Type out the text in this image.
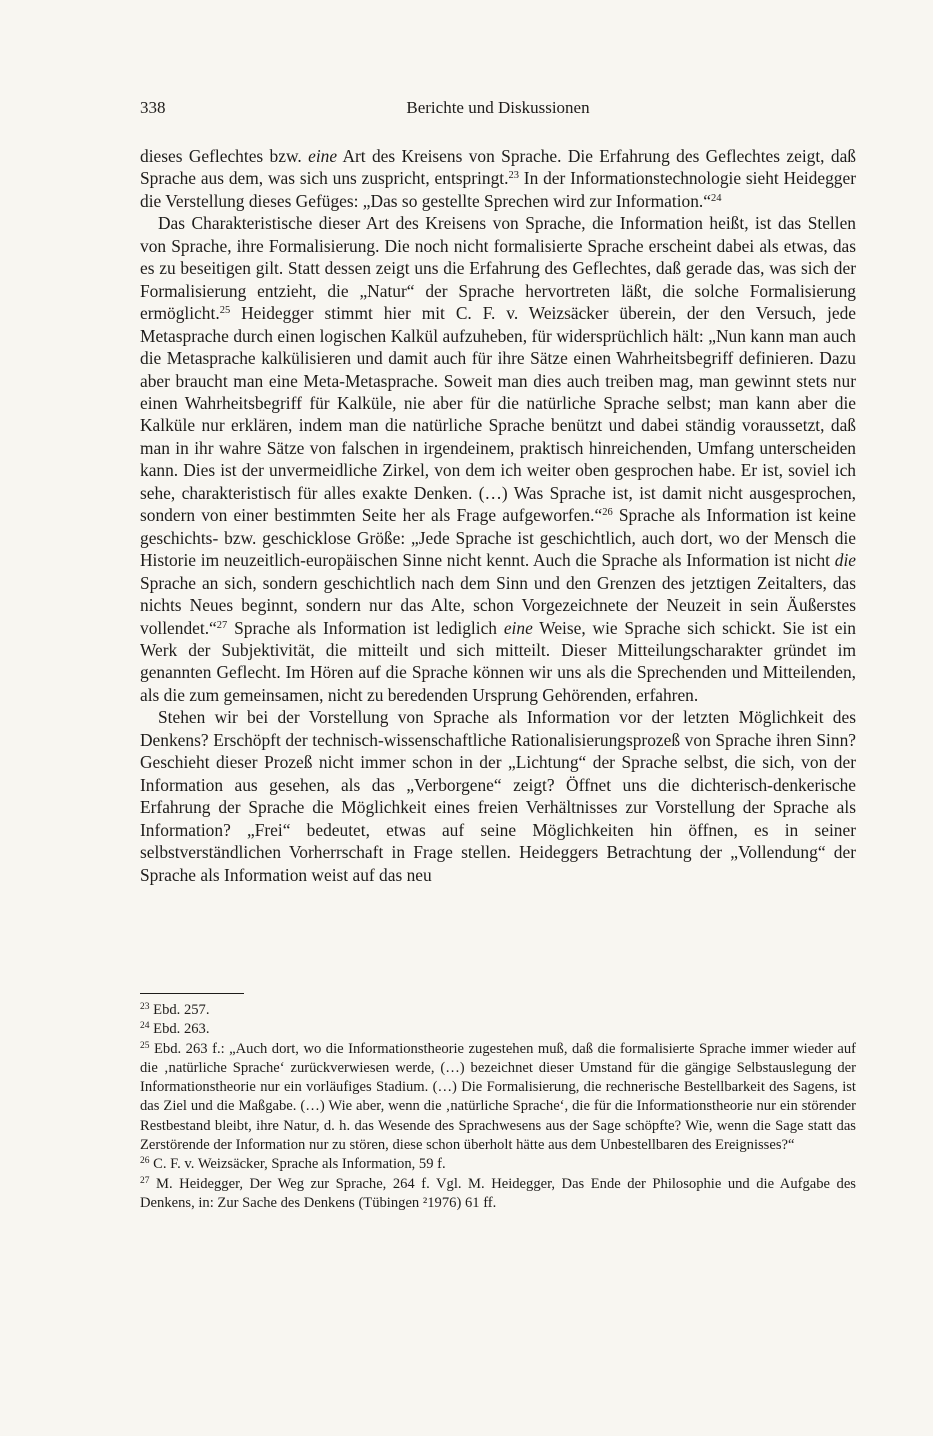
338	Berichte und Diskussionen

dieses Geflechtes bzw. eine Art des Kreisens von Sprache. Die Erfahrung des Geflechtes zeigt, daß Sprache aus dem, was sich uns zuspricht, entspringt.$^{23}$ In der Informationstechnologie sieht Heidegger die Verstellung dieses Gefüges: „Das so gestellte Sprechen wird zur Information.“$^{24}$

Das Charakteristische dieser Art des Kreisens von Sprache, die Information heißt, ist das Stellen von Sprache, ihre Formalisierung. Die noch nicht formalisierte Sprache erscheint dabei als etwas, das es zu beseitigen gilt. Statt dessen zeigt uns die Erfahrung des Geflechtes, daß gerade das, was sich der Formalisierung entzieht, die „Natur“ der Sprache hervortreten läßt, die solche Formalisierung ermöglicht.$^{25}$ Heidegger stimmt hier mit C. F. v. Weizsäcker überein, der den Versuch, jede Metasprache durch einen logischen Kalkül aufzuheben, für widersprüchlich hält: „Nun kann man auch die Metasprache kalkülisieren und damit auch für ihre Sätze einen Wahrheitsbegriff definieren. Dazu aber braucht man eine Meta-Metasprache. Soweit man dies auch treiben mag, man gewinnt stets nur einen Wahrheitsbegriff für Kalküle, nie aber für die natürliche Sprache selbst; man kann aber die Kalküle nur erklären, indem man die natürliche Sprache benützt und dabei ständig voraussetzt, daß man in ihr wahre Sätze von falschen in irgendeinem, praktisch hinreichenden, Umfang unterscheiden kann. Dies ist der unvermeidliche Zirkel, von dem ich weiter oben gesprochen habe. Er ist, soviel ich sehe, charakteristisch für alles exakte Denken. (…) Was Sprache ist, ist damit nicht ausgesprochen, sondern von einer bestimmten Seite her als Frage aufgeworfen.“$^{26}$ Sprache als Information ist keine geschichts- bzw. geschicklose Größe: „Jede Sprache ist geschichtlich, auch dort, wo der Mensch die Historie im neuzeitlich-europäischen Sinne nicht kennt. Auch die Sprache als Information ist nicht die Sprache an sich, sondern geschichtlich nach dem Sinn und den Grenzen des jetztigen Zeitalters, das nichts Neues beginnt, sondern nur das Alte, schon Vorgezeichnete der Neuzeit in sein Äußerstes vollendet.“$^{27}$ Sprache als Information ist lediglich eine Weise, wie Sprache sich schickt. Sie ist ein Werk der Subjektivität, die mitteilt und sich mitteilt. Dieser Mitteilungscharakter gründet im genannten Geflecht. Im Hören auf die Sprache können wir uns als die Sprechenden und Mitteilenden, als die zum gemeinsamen, nicht zu beredenden Ursprung Gehörenden, erfahren.

Stehen wir bei der Vorstellung von Sprache als Information vor der letzten Möglichkeit des Denkens? Erschöpft der technisch-wissenschaftliche Rationalisierungsprozeß von Sprache ihren Sinn? Geschieht dieser Prozeß nicht immer schon in der „Lichtung“ der Sprache selbst, die sich, von der Information aus gesehen, als das „Verborgene“ zeigt? Öffnet uns die dichterisch-denkerische Erfahrung der Sprache die Möglichkeit eines freien Verhältnisses zur Vorstellung der Sprache als Information? „Frei“ bedeutet, etwas auf seine Möglichkeiten hin öffnen, es in seiner selbstverständlichen Vorherrschaft in Frage stellen. Heideggers Betrachtung der „Vollendung“ der Sprache als Information weist auf das neu

$^{23}$ Ebd. 257.

$^{24}$ Ebd. 263.

$^{25}$ Ebd. 263 f.: „Auch dort, wo die Informationstheorie zugestehen muß, daß die formalisierte Sprache immer wieder auf die ‚natürliche Sprache‘ zurückverwiesen werde, (…) bezeichnet dieser Umstand für die gängige Selbstauslegung der Informationstheorie nur ein vorläufiges Stadium. (…) Die Formalisierung, die rechnerische Bestellbarkeit des Sagens, ist das Ziel und die Maßgabe. (…) Wie aber, wenn die ‚natürliche Sprache‘, die für die Informationstheorie nur ein störender Restbestand bleibt, ihre Natur, d. h. das Wesende des Sprachwesens aus der Sage schöpfte? Wie, wenn die Sage statt das Zerstörende der Information nur zu stören, diese schon überholt hätte aus dem Unbestellbaren des Ereignisses?“

$^{26}$ C. F. v. Weizsäcker, Sprache als Information, 59 f.

$^{27}$ M. Heidegger, Der Weg zur Sprache, 264 f. Vgl. M. Heidegger, Das Ende der Philosophie und die Aufgabe des Denkens, in: Zur Sache des Denkens (Tübingen ²1976) 61 ff.
